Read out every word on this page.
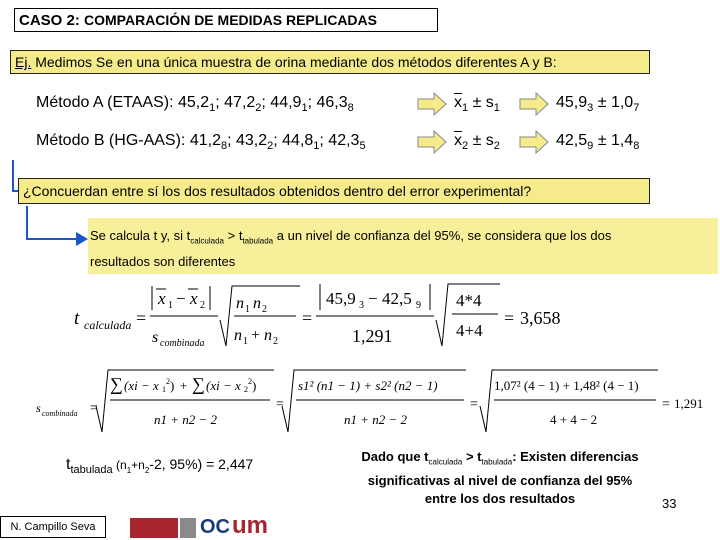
CASO 2: COMPARACIÓN DE MEDIDAS REPLICADAS
Ej. Medimos Se en una única muestra de orina mediante dos métodos diferentes A y B:
Método A (ETAAS): $45,2_1$; $47,2_2$; $44,9_1$; $46,3_8$	$\overline{x}_1 \pm s_1$	$45,9_3 \pm 1,0_7$
Método B (HG-AAS): $41,2_8$; $43,2_2$; $44,8_1$; $42,3_5$	$\overline{x}_2 \pm s_2$	$42,5_9 \pm 1,4_8$
¿Concuerdan entre sí los dos resultados obtenidos dentro del error experimental?
Se calcula t y, si $t_{calculada} > t_{tabulada}$ a un nivel de confianza del 95%, se considera que los dos
resultados son diferentes
t calculada =
x 1 − x 2
s combinada
n 1 n 2
n 1 + n 2
=
45,9 3 − 42,5 9
1,291
4*4
4+4
= 3,658
s combinada =
∑ (xi − x 1
2 ) + ∑ (xi − x 2
2 )
n1 + n2 − 2
=
s1² (n1 − 1) + s2² (n2 − 1)
n1 + n2 − 2
=
1,07² (4 − 1) + 1,48² (4 − 1)
4 + 4 − 2
= 1,291
$t_{tabulada}$ ($n_1+n_2-2$, 95%) = 2,447	Dado que $t_{calculada} > t_{tabulada}$: Existen diferencias
significativas al nivel de confianza del 95%
entre los dos resultados	33
N. Campillo Seva	OC um
